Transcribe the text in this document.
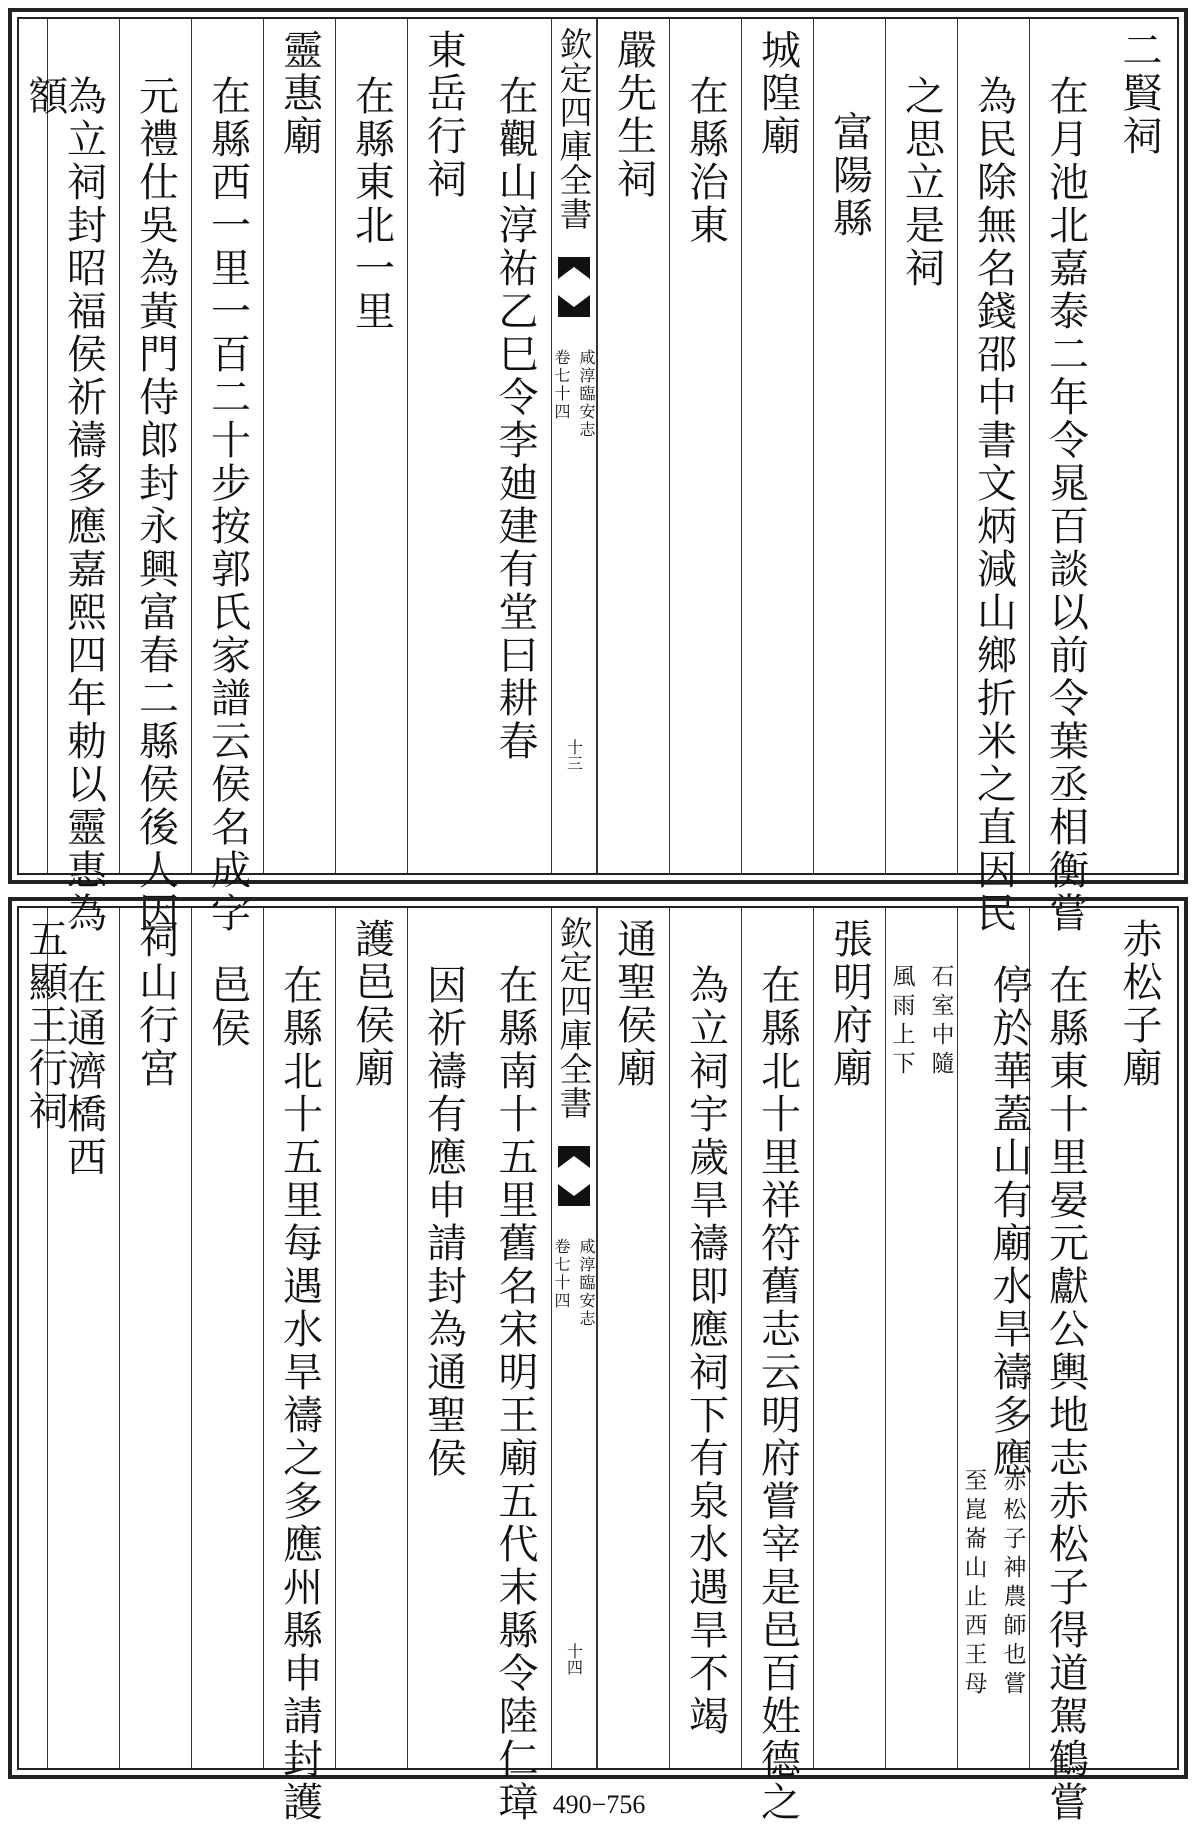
二賢祠
在月池北嘉泰二年令晁百談以前令葉丞相衡嘗
為民除無名錢邵中書文炳減山鄉折米之直因民
之思立是祠
富陽縣
城隍廟
在縣治東
嚴先生祠
欽定四庫全書
咸淳臨安志
卷七十四
十三
在觀山淳祐乙巳令李廸建有堂曰耕春
東岳行祠
在縣東北一里
靈惠廟
在縣西一里一百二十步按郭氏家譜云侯名成字
元禮仕吳為黃門侍郎封永興富春二縣侯後人因
為立祠封昭福侯祈禱多應嘉熙四年勅以靈惠為
額
赤松子廟
在縣東十里晏元獻公輿地志赤松子得道駕鶴嘗
停於華蓋山有廟水旱禱多應
赤松子神農師也嘗
至崑崙山止西王母
石室中隨
風雨上下
張明府廟
在縣北十里祥符舊志云明府嘗宰是邑百姓德之
為立祠宇歲旱禱即應祠下有泉水遇旱不竭
通聖侯廟
欽定四庫全書
咸淳臨安志
卷七十四
十四
在縣南十五里舊名宋明王廟五代末縣令陸仁璋
因祈禱有應申請封為通聖侯
護邑侯廟
在縣北十五里每遇水旱禱之多應州縣申請封護
邑侯
祠山行宮
在通濟橋西
五顯王行祠
490−756
